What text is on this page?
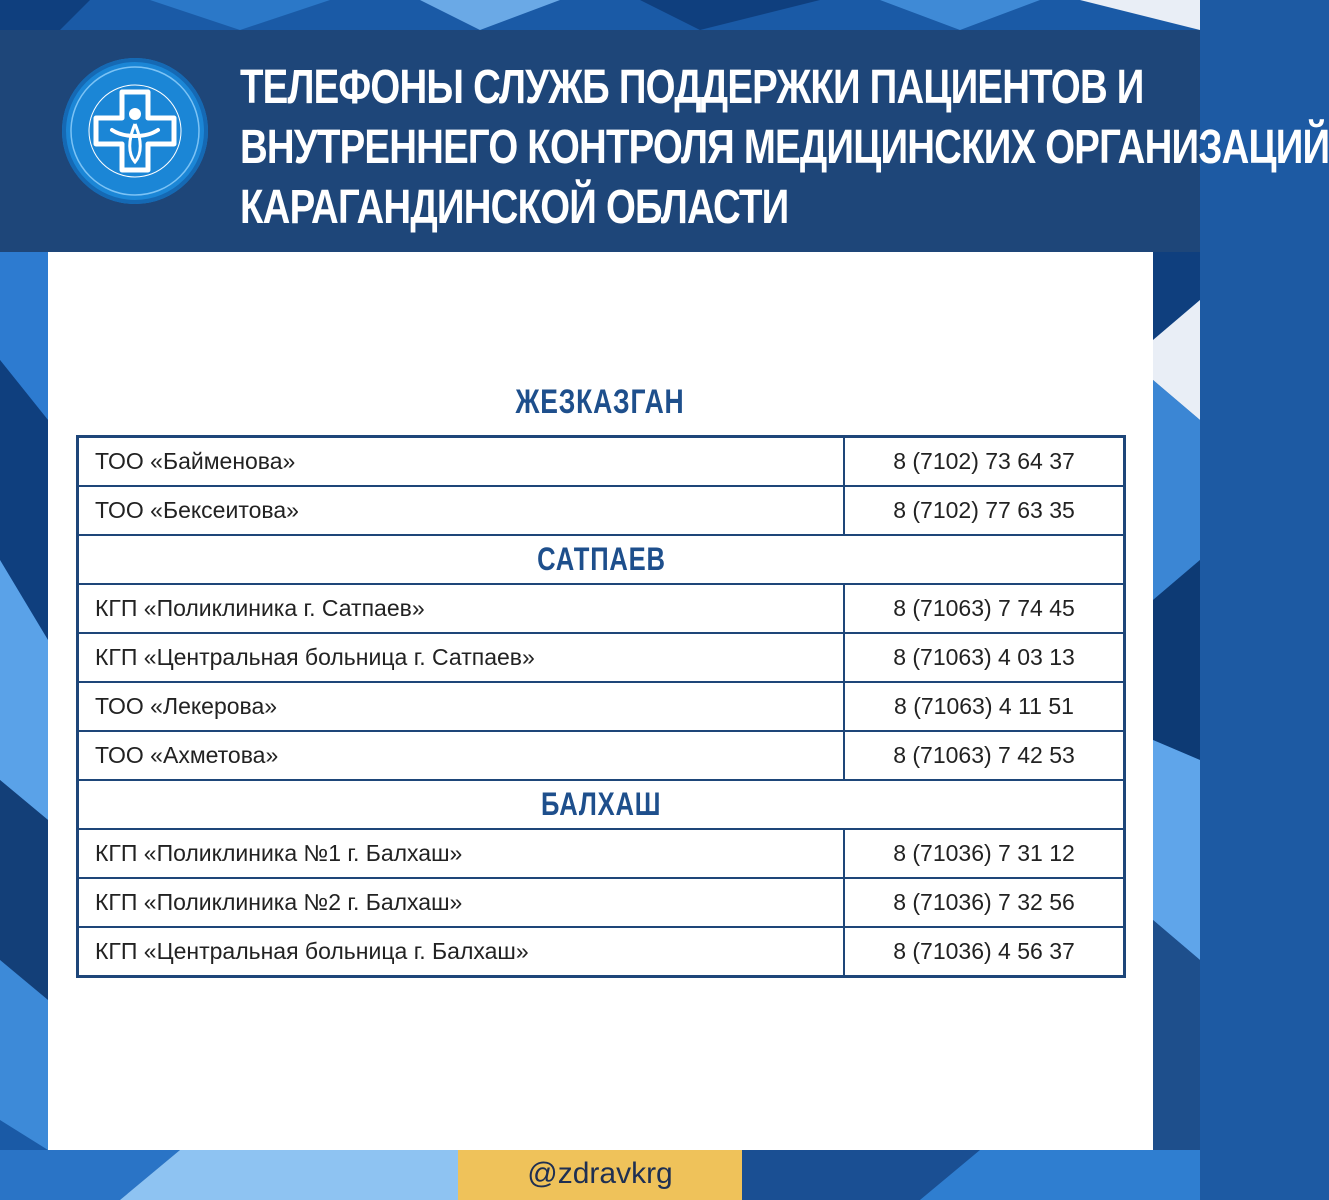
ТЕЛЕФОНЫ СЛУЖБ ПОДДЕРЖКИ ПАЦИЕНТОВ И
ВНУТРЕННЕГО КОНТРОЛЯ МЕДИЦИНСКИХ ОРГАНИЗАЦИЙ
КАРАГАНДИНСКОЙ ОБЛАСТИ
ЖЕЗКАЗГАН
ТОО «Байменова»	8 (7102) 73 64 37
ТОО «Бексеитова»	8 (7102) 77 63 35
САТПАЕВ	
КГП «Поликлиника г. Сатпаев»	8 (71063) 7 74 45
КГП «Центральная больница г. Сатпаев»	8 (71063) 4 03 13
ТОО «Лекерова»	8 (71063) 4 11 51
ТОО «Ахметова»	8 (71063) 7 42 53
БАЛХАШ	
КГП «Поликлиника №1 г. Балхаш»	8 (71036) 7 31 12
КГП «Поликлиника №2 г. Балхаш»	8 (71036) 7 32 56
КГП «Центральная больница г. Балхаш»	8 (71036) 4 56 37
@zdravkrg
